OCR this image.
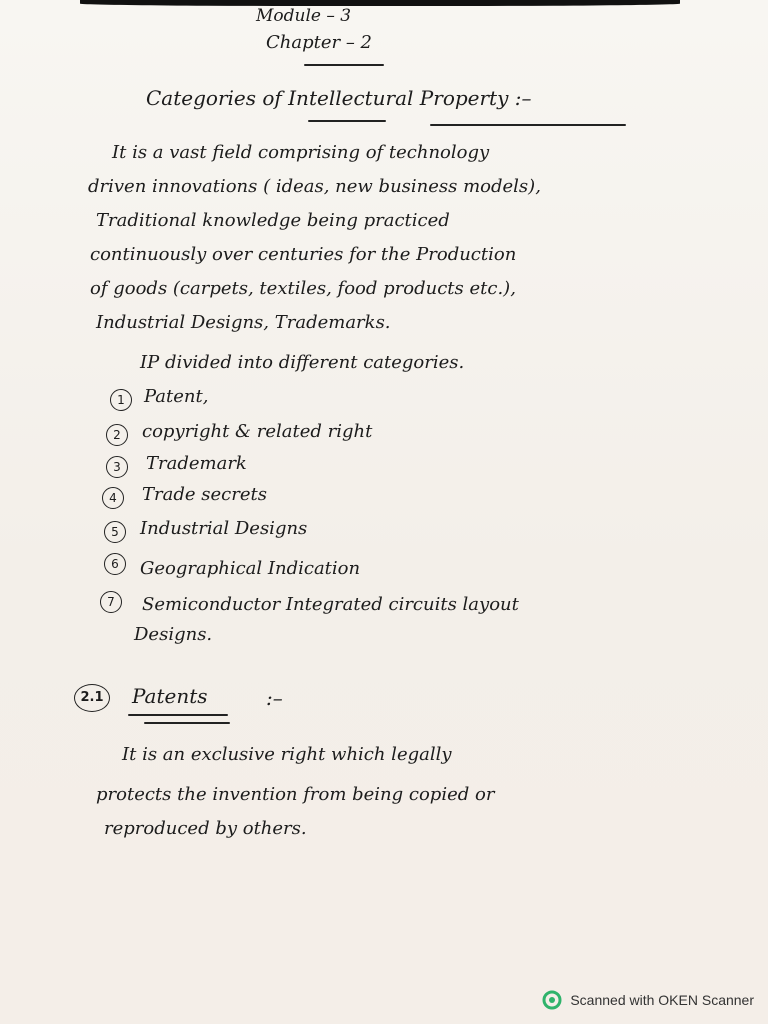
Module – 3
Chapter – 2
Categories of Intellectural Property :–
It is a vast field comprising of technology
driven innovations ( ideas, new business models),
Traditional knowledge being practiced
continuously over centuries for the Production
of goods (carpets, textiles, food products etc.),
Industrial Designs, Trademarks.
IP divided into different categories.
1	Patent,
2	copyright & related right
3	Trademark
4	Trade secrets
5	Industrial Designs
6	Geographical Indication
7	Semiconductor Integrated circuits layout
Designs.
2.1	Patents	:–
It is an exclusive right which legally
protects the invention from being copied or
reproduced by others.
Scanned with OKEN Scanner
